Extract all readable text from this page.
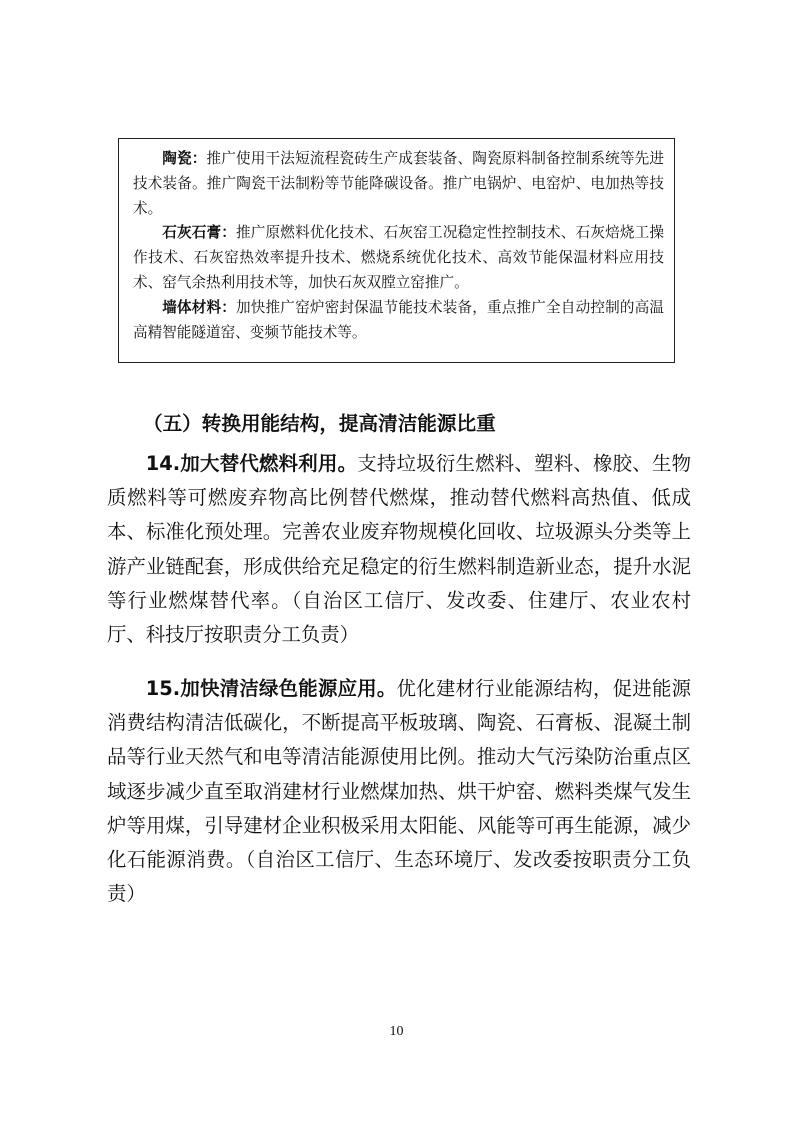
陶瓷：推广使用干法短流程瓷砖生产成套装备、陶瓷原料制备控制系统等先进技术装备。推广陶瓷干法制粉等节能降碳设备。推广电锅炉、电窑炉、电加热等技术。

石灰石膏：推广原燃料优化技术、石灰窑工况稳定性控制技术、石灰焙烧工操作技术、石灰窑热效率提升技术、燃烧系统优化技术、高效节能保温材料应用技术、窑气余热利用技术等，加快石灰双膛立窑推广。

墙体材料：加快推广窑炉密封保温节能技术装备，重点推广全自动控制的高温高精智能隧道窑、变频节能技术等。

（五）转换用能结构，提高清洁能源比重

14.加大替代燃料利用。支持垃圾衍生燃料、塑料、橡胶、生物质燃料等可燃废弃物高比例替代燃煤，推动替代燃料高热值、低成本、标准化预处理。完善农业废弃物规模化回收、垃圾源头分类等上游产业链配套，形成供给充足稳定的衍生燃料制造新业态，提升水泥等行业燃煤替代率。（自治区工信厅、发改委、住建厅、农业农村厅、科技厅按职责分工负责）

15.加快清洁绿色能源应用。优化建材行业能源结构，促进能源消费结构清洁低碳化，不断提高平板玻璃、陶瓷、石膏板、混凝土制品等行业天然气和电等清洁能源使用比例。推动大气污染防治重点区域逐步减少直至取消建材行业燃煤加热、烘干炉窑、燃料类煤气发生炉等用煤，引导建材企业积极采用太阳能、风能等可再生能源，减少化石能源消费。（自治区工信厅、生态环境厅、发改委按职责分工负责）

10
